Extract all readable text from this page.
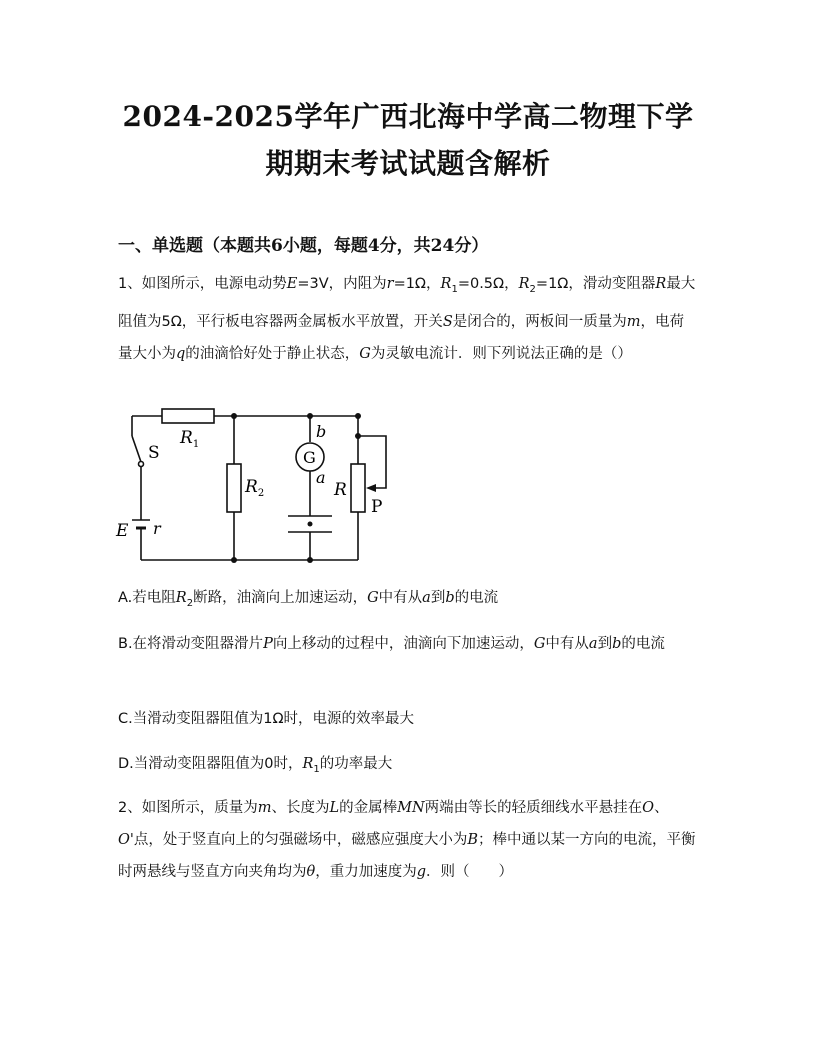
2024-2025学年广西北海中学高二物理下学
期期末考试试题含解析
一、单选题（本题共6小题，每题4分，共24分）
1、如图所示，电源电动势E=3V，内阻为r=1Ω，$R_1=0.5\Omega$，$R_2=1\Omega$，滑动变阻器R最大阻值为5Ω，平行板电容器两金属板水平放置，开关S是闭合的，两板间一质量为m，电荷量大小为q的油滴恰好处于静止状态，G为灵敏电流计．则下列说法正确的是（）
$R_1$
S
$R_2$
G
b
a
R
P
E r
A.若电阻$R_2$断路，油滴向上加速运动，G中有从a到b的电流
B.在将滑动变阻器滑片P向上移动的过程中，油滴向下加速运动，G中有从a到b的电流
C.当滑动变阻器阻值为1Ω时，电源的效率最大
D.当滑动变阻器阻值为0时，$R_1$的功率最大
2、如图所示，质量为m、长度为L的金属棒MN两端由等长的轻质细线水平悬挂在O、O'点，处于竖直向上的匀强磁场中，磁感应强度大小为B；棒中通以某一方向的电流，平衡时两悬线与竖直方向夹角均为θ，重力加速度为g．则（　　）
